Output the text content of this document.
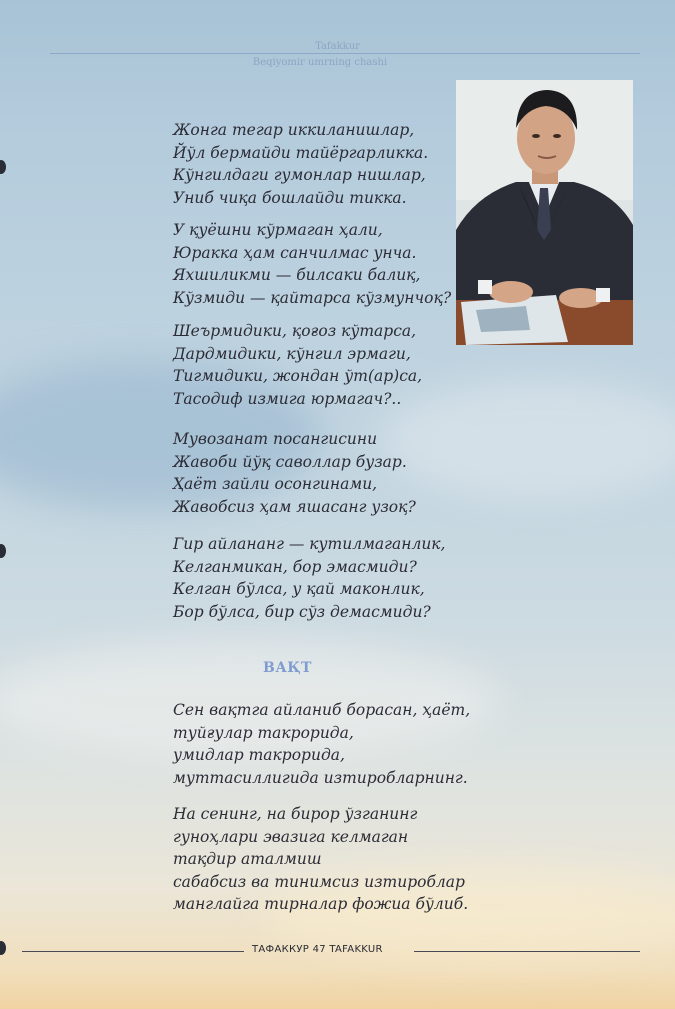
Tafakkur
Beqiyomir umrning chashi
Жонга тегар иккиланишлар,
Йўл бермайди тайёргарликка.
Кўнгилдаги гумонлар нишлар,
Униб чиқа бошлайди тикка.
У қуёшни кўрмаган ҳали,
Юракка ҳам санчилмас унча.
Яхшиликми — билсаки балиқ,
Кўзмиди — қайтарса кўзмунчоқ?
Шеърмидики, қоғоз кўтарса,
Дардмидики, кўнгил эрмаги,
Тигмидики, жондан ўт(ар)са,
Тасодиф измига юрмагач?..
Мувозанат посангисини
Жавоби йўқ саволлар бузар.
Ҳаёт зайли осонгинами,
Жавобсиз ҳам яшасанг узоқ?
Гир айлананг — кутилмаганлик,
Келганмикан, бор эмасмиди?
Келган бўлса, у қай маконлик,
Бор бўлса, бир сўз демасмиди?
ВАҚТ
Сен вақтга айланиб борасан, ҳаёт,
туйғулар такрорида,
умидлар такрорида,
муттасиллигида изтиробларнинг.
На сенинг, на бирор ўзганинг
гуноҳлари эвазига келмаган
тақдир аталмиш
сабабсиз ва тинимсиз изтироблар
манглайга тирналар фожиа бўлиб.
ТАФАККУР 47 TAFAKKUR
